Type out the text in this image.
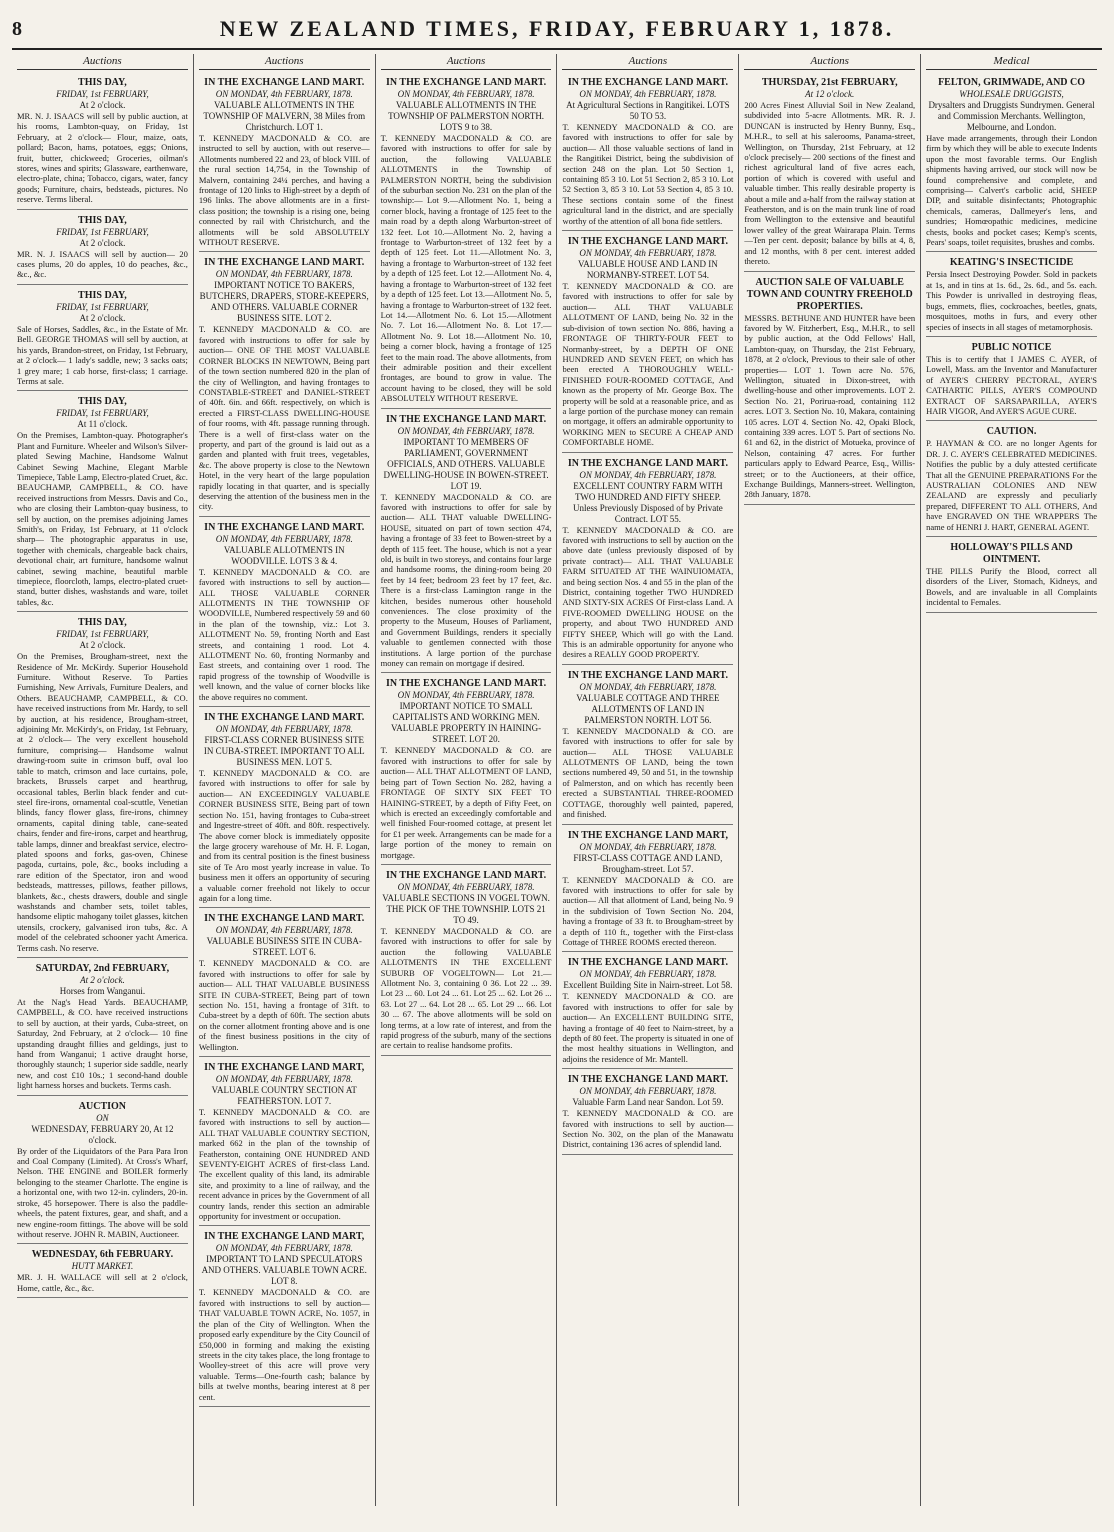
8	NEW ZEALAND TIMES, FRIDAY, FEBRUARY 1, 1878.
Auctions
THIS DAY,
FRIDAY, 1st FEBRUARY,
At 2 o'clock.
MR. N. J. ISAACS will sell by public auction, at his rooms, Lambton-quay, on Friday, 1st February, at 2 o'clock— Flour, maize, oats, pollard; Bacon, hams, potatoes, eggs; Onions, fruit, butter, chickweed; Groceries, oilman's stores, wines and spirits; Glassware, earthenware, electro-plate, china; Tobacco, cigars, water, fancy goods; Furniture, chairs, bedsteads, pictures. No reserve. Terms liberal.
THIS DAY,
FRIDAY, 1st FEBRUARY,
At 2 o'clock.
MR. N. J. ISAACS will sell by auction— 20 cases plums, 20 do apples, 10 do peaches, &c., &c., &c.
THIS DAY,
FRIDAY, 1st FEBRUARY,
At 2 o'clock.
Sale of Horses, Saddles, &c., in the Estate of Mr. Bell. GEORGE THOMAS will sell by auction, at his yards, Brandon-street, on Friday, 1st February, at 2 o'clock— 1 lady's saddle, new; 3 sacks oats; 1 grey mare; 1 cab horse, first-class; 1 carriage. Terms at sale.
THIS DAY,
FRIDAY, 1st FEBRUARY,
At 11 o'clock.
On the Premises, Lambton-quay. Photographer's Plant and Furniture. Wheeler and Wilson's Silver-plated Sewing Machine, Handsome Walnut Cabinet Sewing Machine, Elegant Marble Timepiece, Table Lamp, Electro-plated Cruet, &c. BEAUCHAMP, CAMPBELL, & CO. have received instructions from Messrs. Davis and Co., who are closing their Lambton-quay business, to sell by auction, on the premises adjoining James Smith's, on Friday, 1st February, at 11 o'clock sharp— The photographic apparatus in use, together with chemicals, chargeable back chairs, devotional chair, art furniture, handsome walnut cabinet, sewing machine, beautiful marble timepiece, floorcloth, lamps, electro-plated cruet-stand, butter dishes, washstands and ware, toilet tables, &c.
THIS DAY,
FRIDAY, 1st FEBRUARY,
At 2 o'clock.
On the Premises, Brougham-street, next the Residence of Mr. McKirdy. Superior Household Furniture. Without Reserve. To Parties Furnishing, New Arrivals, Furniture Dealers, and Others. BEAUCHAMP, CAMPBELL, & CO. have received instructions from Mr. Hardy, to sell by auction, at his residence, Brougham-street, adjoining Mr. McKirdy's, on Friday, 1st February, at 2 o'clock— The very excellent household furniture, comprising— Handsome walnut drawing-room suite in crimson buff, oval loo table to match, crimson and lace curtains, pole, brackets, Brussels carpet and hearthrug, occasional tables, Berlin black fender and cut-steel fire-irons, ornamental coal-scuttle, Venetian blinds, fancy flower glass, fire-irons, chimney ornaments, capital dining table, cane-seated chairs, fender and fire-irons, carpet and hearthrug, table lamps, dinner and breakfast service, electro-plated spoons and forks, gas-oven, Chinese pagoda, curtains, pole, &c., books including a rare edition of the Spectator, iron and wood bedsteads, mattresses, pillows, feather pillows, blankets, &c., chests drawers, double and single washstands and chamber sets, toilet tables, handsome eliptic mahogany toilet glasses, kitchen utensils, crockery, galvanised iron tubs, &c. A model of the celebrated schooner yacht America. Terms cash. No reserve.
SATURDAY, 2nd FEBRUARY,
At 2 o'clock.
Horses from Wanganui.
At the Nag's Head Yards. BEAUCHAMP, CAMPBELL, & CO. have received instructions to sell by auction, at their yards, Cuba-street, on Saturday, 2nd February, at 2 o'clock— 10 fine upstanding draught fillies and geldings, just to hand from Wanganui; 1 active draught horse, thoroughly staunch; 1 superior side saddle, nearly new, and cost £10 10s.; 1 second-hand double light harness horses and buckets. Terms cash.
AUCTION
ON
WEDNESDAY, FEBRUARY 20, At 12 o'clock.
By order of the Liquidators of the Para Para Iron and Coal Company (Limited). At Cross's Wharf, Nelson. THE ENGINE and BOILER formerly belonging to the steamer Charlotte. The engine is a horizontal one, with two 12-in. cylinders, 20-in. stroke, 45 horsepower. There is also the paddle-wheels, the patent fixtures, gear, and shaft, and a new engine-room fittings. The above will be sold without reserve. JOHN R. MABIN, Auctioneer.
WEDNESDAY, 6th FEBRUARY.
HUTT MARKET.
MR. J. H. WALLACE will sell at 2 o'clock, Home, cattle, &c., &c.
Auctions
IN THE EXCHANGE LAND MART.
ON MONDAY, 4th FEBRUARY, 1878.
VALUABLE ALLOTMENTS IN THE TOWNSHIP OF MALVERN, 38 Miles from Christchurch. LOT 1.
T. KENNEDY MACDONALD & CO. are instructed to sell by auction, with out reserve— Allotments numbered 22 and 23, of block VIII. of the rural section 14,754, in the Township of Malvern, containing 24¼ perches, and having a frontage of 120 links to High-street by a depth of 196 links. The above allotments are in a first-class position; the township is a rising one, being connected by rail with Christchurch, and the allotments will be sold ABSOLUTELY WITHOUT RESERVE.
IN THE EXCHANGE LAND MART.
ON MONDAY, 4th FEBRUARY, 1878.
IMPORTANT NOTICE TO BAKERS, BUTCHERS, DRAPERS, STORE-KEEPERS, AND OTHERS. VALUABLE CORNER BUSINESS SITE. LOT 2.
T. KENNEDY MACDONALD & CO. are favored with instructions to offer for sale by auction— ONE OF THE MOST VALUABLE CORNER BLOCKS IN NEWTOWN, Being part of the town section numbered 820 in the plan of the city of Wellington, and having frontages to CONSTABLE-STREET and DANIEL-STREET of 40ft. 6in. and 66ft. respectively, on which is erected a FIRST-CLASS DWELLING-HOUSE of four rooms, with 4ft. passage running through. There is a well of first-class water on the property, and part of the ground is laid out as a garden and planted with fruit trees, vegetables, &c. The above property is close to the Newtown Hotel, in the very heart of the large population rapidly locating in that quarter, and is specially deserving the attention of the business men in the city.
IN THE EXCHANGE LAND MART.
ON MONDAY, 4th FEBRUARY, 1878.
VALUABLE ALLOTMENTS IN WOODVILLE. LOTS 3 & 4.
T. KENNEDY MACDONALD & CO. are favored with instructions to sell by auction— ALL THOSE VALUABLE CORNER ALLOTMENTS IN THE TOWNSHIP OF WOODVILLE, Numbered respectively 59 and 60 in the plan of the township, viz.: Lot 3. ALLOTMENT No. 59, fronting North and East streets, and containing 1 rood. Lot 4. ALLOTMENT No. 60, fronting Normanby and East streets, and containing over 1 rood. The rapid progress of the township of Woodville is well known, and the value of corner blocks like the above requires no comment.
IN THE EXCHANGE LAND MART.
ON MONDAY, 4th FEBRUARY, 1878.
FIRST-CLASS CORNER BUSINESS SITE IN CUBA-STREET. IMPORTANT TO ALL BUSINESS MEN. LOT 5.
T. KENNEDY MACDONALD & CO. are favored with instructions to offer for sale by auction— AN EXCEEDINGLY VALUABLE CORNER BUSINESS SITE, Being part of town section No. 151, having frontages to Cuba-street and Ingestre-street of 40ft. and 80ft. respectively. The above corner block is immediately opposite the large grocery warehouse of Mr. H. F. Logan, and from its central position is the finest business site of Te Aro most yearly increase in value. To business men it offers an opportunity of securing a valuable corner freehold not likely to occur again for a long time.
IN THE EXCHANGE LAND MART.
ON MONDAY, 4th FEBRUARY, 1878.
VALUABLE BUSINESS SITE IN CUBA-STREET. LOT 6.
T. KENNEDY MACDONALD & CO. are favored with instructions to offer for sale by auction— ALL THAT VALUABLE BUSINESS SITE IN CUBA-STREET, Being part of town section No. 151, having a frontage of 31ft. to Cuba-street by a depth of 60ft. The section abuts on the corner allotment fronting above and is one of the finest business positions in the city of Wellington.
IN THE EXCHANGE LAND MART,
ON MONDAY, 4th FEBRUARY, 1878.
VALUABLE COUNTRY SECTION AT FEATHERSTON. LOT 7.
T. KENNEDY MACDONALD & CO. are favored with instructions to sell by auction— ALL THAT VALUABLE COUNTRY SECTION, marked 662 in the plan of the township of Featherston, containing ONE HUNDRED AND SEVENTY-EIGHT ACRES of first-class Land. The excellent quality of this land, its admirable site, and proximity to a line of railway, and the recent advance in prices by the Government of all country lands, render this section an admirable opportunity for investment or occupation.
IN THE EXCHANGE LAND MART,
ON MONDAY, 4th FEBRUARY, 1878.
IMPORTANT TO LAND SPECULATORS AND OTHERS. VALUABLE TOWN ACRE. LOT 8.
T. KENNEDY MACDONALD & CO. are favored with instructions to sell by auction— THAT VALUABLE TOWN ACRE, No. 1057, in the plan of the City of Wellington. When the proposed early expenditure by the City Council of £50,000 in forming and making the existing streets in the city takes place, the long frontage to Woolley-street of this acre will prove very valuable. Terms—One-fourth cash; balance by bills at twelve months, bearing interest at 8 per cent.
Auctions
IN THE EXCHANGE LAND MART.
ON MONDAY, 4th FEBRUARY, 1878.
VALUABLE ALLOTMENTS IN THE TOWNSHIP OF PALMERSTON NORTH. LOTS 9 to 38.
T. KENNEDY MACDONALD & CO. are favored with instructions to offer for sale by auction, the following VALUABLE ALLOTMENTS in the Township of PALMERSTON NORTH, being the subdivision of the suburban section No. 231 on the plan of the township:— Lot 9.—Allotment No. 1, being a corner block, having a frontage of 125 feet to the main road by a depth along Warburton-street of 132 feet. Lot 10.—Allotment No. 2, having a frontage to Warburton-street of 132 feet by a depth of 125 feet. Lot 11.—Allotment No. 3, having a frontage to Warburton-street of 132 feet by a depth of 125 feet. Lot 12.—Allotment No. 4, having a frontage to Warburton-street of 132 feet by a depth of 125 feet. Lot 13.—Allotment No. 5, having a frontage to Warburton-street of 132 feet. Lot 14.—Allotment No. 6. Lot 15.—Allotment No. 7. Lot 16.—Allotment No. 8. Lot 17.—Allotment No. 9. Lot 18.—Allotment No. 10, being a corner block, having a frontage of 125 feet to the main road. The above allotments, from their admirable position and their excellent frontages, are bound to grow in value. The account having to be closed, they will be sold ABSOLUTELY WITHOUT RESERVE.
IN THE EXCHANGE LAND MART.
ON MONDAY, 4th FEBRUARY, 1878.
IMPORTANT TO MEMBERS OF PARLIAMENT, GOVERNMENT OFFICIALS, AND OTHERS. VALUABLE DWELLING-HOUSE IN BOWEN-STREET. LOT 19.
T. KENNEDY MACDONALD & CO. are favored with instructions to offer for sale by auction— ALL THAT valuable DWELLING-HOUSE, situated on part of town section 474, having a frontage of 33 feet to Bowen-street by a depth of 115 feet. The house, which is not a year old, is built in two storeys, and contains four large and handsome rooms, the dining-room being 20 feet by 14 feet; bedroom 23 feet by 17 feet, &c. There is a first-class Lamington range in the kitchen, besides numerous other household conveniences. The close proximity of the property to the Museum, Houses of Parliament, and Government Buildings, renders it specially valuable to gentlemen connected with those institutions. A large portion of the purchase money can remain on mortgage if desired.
IN THE EXCHANGE LAND MART.
ON MONDAY, 4th FEBRUARY, 1878.
IMPORTANT NOTICE TO SMALL CAPITALISTS AND WORKING MEN. VALUABLE PROPERTY IN HAINING-STREET. LOT 20.
T. KENNEDY MACDONALD & CO. are favored with instructions to offer for sale by auction— ALL THAT ALLOTMENT OF LAND, being part of Town Section No. 282, having a FRONTAGE OF SIXTY SIX FEET TO HAINING-STREET, by a depth of Fifty Feet, on which is erected an exceedingly comfortable and well finished Four-roomed cottage, at present let for £1 per week. Arrangements can be made for a large portion of the money to remain on mortgage.
IN THE EXCHANGE LAND MART.
ON MONDAY, 4th FEBRUARY, 1878.
VALUABLE SECTIONS IN VOGEL TOWN. THE PICK OF THE TOWNSHIP. LOTS 21 TO 49.
T. KENNEDY MACDONALD & CO. are favored with instructions to offer for sale by auction the following VALUABLE ALLOTMENTS IN THE EXCELLENT SUBURB OF VOGELTOWN— Lot 21.—Allotment No. 3, containing 0 36. Lot 22 ... 39. Lot 23 ... 60. Lot 24 ... 61. Lot 25 ... 62. Lot 26 ... 63. Lot 27 ... 64. Lot 28 ... 65. Lot 29 ... 66. Lot 30 ... 67. The above allotments will be sold on long terms, at a low rate of interest, and from the rapid progress of the suburb, many of the sections are certain to realise handsome profits.
Auctions
IN THE EXCHANGE LAND MART.
ON MONDAY, 4th FEBRUARY, 1878.
At Agricultural Sections in Rangitikei. LOTS 50 TO 53.
T. KENNEDY MACDONALD & CO. are favored with instructions to offer for sale by auction— All those valuable sections of land in the Rangitikei District, being the subdivision of section 248 on the plan. Lot 50 Section 1, containing 85 3 10. Lot 51 Section 2, 85 3 10. Lot 52 Section 3, 85 3 10. Lot 53 Section 4, 85 3 10. These sections contain some of the finest agricultural land in the district, and are specially worthy of the attention of all bona fide settlers.
IN THE EXCHANGE LAND MART.
ON MONDAY, 4th FEBRUARY, 1878.
VALUABLE HOUSE AND LAND IN NORMANBY-STREET. LOT 54.
T. KENNEDY MACDONALD & CO. are favored with instructions to offer for sale by auction— ALL THAT VALUABLE ALLOTMENT OF LAND, being No. 32 in the sub-division of town section No. 886, having a FRONTAGE OF THIRTY-FOUR FEET to Normanby-street, by a DEPTH OF ONE HUNDRED AND SEVEN FEET, on which has been erected A THOROUGHLY WELL-FINISHED FOUR-ROOMED COTTAGE, And known as the property of Mr. George Box. The property will be sold at a reasonable price, and as a large portion of the purchase money can remain on mortgage, it offers an admirable opportunity to WORKING MEN to SECURE A CHEAP AND COMFORTABLE HOME.
IN THE EXCHANGE LAND MART.
ON MONDAY, 4th FEBRUARY, 1878.
EXCELLENT COUNTRY FARM WITH TWO HUNDRED AND FIFTY SHEEP. Unless Previously Disposed of by Private Contract. LOT 55.
T. KENNEDY MACDONALD & CO. are favored with instructions to sell by auction on the above date (unless previously disposed of by private contract)— ALL THAT VALUABLE FARM SITUATED AT THE WAINUIOMATA, and being section Nos. 4 and 55 in the plan of the District, containing together TWO HUNDRED AND SIXTY-SIX ACRES Of First-class Land. A FIVE-ROOMED DWELLING HOUSE on the property, and about TWO HUNDRED AND FIFTY SHEEP, Which will go with the Land. This is an admirable opportunity for anyone who desires a REALLY GOOD PROPERTY.
IN THE EXCHANGE LAND MART.
ON MONDAY, 4th FEBRUARY, 1878.
VALUABLE COTTAGE AND THREE ALLOTMENTS OF LAND IN PALMERSTON NORTH. LOT 56.
T. KENNEDY MACDONALD & CO. are favored with instructions to offer for sale by auction— ALL THOSE VALUABLE ALLOTMENTS OF LAND, being the town sections numbered 49, 50 and 51, in the township of Palmerston, and on which has recently been erected a SUBSTANTIAL THREE-ROOMED COTTAGE, thoroughly well painted, papered, and finished.
IN THE EXCHANGE LAND MART,
ON MONDAY, 4th FEBRUARY, 1878.
FIRST-CLASS COTTAGE AND LAND, Brougham-street. Lot 57.
T. KENNEDY MACDONALD & CO. are favored with instructions to offer for sale by auction— All that allotment of Land, being No. 9 in the subdivision of Town Section No. 204, having a frontage of 33 ft. to Brougham-street by a depth of 110 ft., together with the First-class Cottage of THREE ROOMS erected thereon.
IN THE EXCHANGE LAND MART.
ON MONDAY, 4th FEBRUARY, 1878.
Excellent Building Site in Nairn-street. Lot 58.
T. KENNEDY MACDONALD & CO. are favored with instructions to offer for sale by auction— An EXCELLENT BUILDING SITE, having a frontage of 40 feet to Nairn-street, by a depth of 80 feet. The property is situated in one of the most healthy situations in Wellington, and adjoins the residence of Mr. Mantell.
IN THE EXCHANGE LAND MART.
ON MONDAY, 4th FEBRUARY, 1878.
Valuable Farm Land near Sandon. Lot 59.
T. KENNEDY MACDONALD & CO. are favored with instructions to sell by auction— Section No. 302, on the plan of the Manawatu District, containing 136 acres of splendid land.
Auctions
THURSDAY, 21st FEBRUARY,
At 12 o'clock.
200 Acres Finest Alluvial Soil in New Zealand, subdivided into 5-acre Allotments. MR. R. J. DUNCAN is instructed by Henry Bunny, Esq., M.H.R., to sell at his salerooms, Panama-street, Wellington, on Thursday, 21st February, at 12 o'clock precisely— 200 sections of the finest and richest agricultural land of five acres each, portion of which is covered with useful and valuable timber. This really desirable property is about a mile and a-half from the railway station at Featherston, and is on the main trunk line of road from Wellington to the extensive and beautiful lower valley of the great Wairarapa Plain. Terms—Ten per cent. deposit; balance by bills at 4, 8, and 12 months, with 8 per cent. interest added thereto.
AUCTION SALE OF VALUABLE TOWN AND COUNTRY FREEHOLD PROPERTIES.
MESSRS. BETHUNE AND HUNTER have been favored by W. Fitzherbert, Esq., M.H.R., to sell by public auction, at the Odd Fellows' Hall, Lambton-quay, on Thursday, the 21st February, 1878, at 2 o'clock, Previous to their sale of other properties— LOT 1. Town acre No. 576, Wellington, situated in Dixon-street, with dwelling-house and other improvements. LOT 2. Section No. 21, Porirua-road, containing 112 acres. LOT 3. Section No. 10, Makara, containing 105 acres. LOT 4. Section No. 42, Opaki Block, containing 339 acres. LOT 5. Part of sections No. 61 and 62, in the district of Motueka, province of Nelson, containing 47 acres. For further particulars apply to Edward Pearce, Esq., Willis-street; or to the Auctioneers, at their office, Exchange Buildings, Manners-street. Wellington, 28th January, 1878.
Medical
FELTON, GRIMWADE, AND CO
WHOLESALE DRUGGISTS,
Drysalters and Druggists Sundrymen. General and Commission Merchants. Wellington, Melbourne, and London.
Have made arrangements, through their London firm by which they will be able to execute Indents upon the most favorable terms. Our English shipments having arrived, our stock will now be found comprehensive and complete, and comprising— Calvert's carbolic acid, SHEEP DIP, and suitable disinfectants; Photographic chemicals, cameras, Dallmeyer's lens, and sundries; Homœopathic medicines, medicine chests, books and pocket cases; Kemp's scents, Pears' soaps, toilet requisites, brushes and combs.
KEATING'S INSECTICIDE
Persia Insect Destroying Powder. Sold in packets at 1s, and in tins at 1s. 6d., 2s. 6d., and 5s. each. This Powder is unrivalled in destroying fleas, bugs, emmets, flies, cockroaches, beetles, gnats, mosquitoes, moths in furs, and every other species of insects in all stages of metamorphosis.
PUBLIC NOTICE
This is to certify that I JAMES C. AYER, of Lowell, Mass. am the Inventor and Manufacturer of AYER'S CHERRY PECTORAL, AYER'S CATHARTIC PILLS, AYER'S COMPOUND EXTRACT OF SARSAPARILLA, AYER'S HAIR VIGOR, And AYER'S AGUE CURE.
CAUTION.
P. HAYMAN & CO. are no longer Agents for DR. J. C. AYER'S CELEBRATED MEDICINES. Notifies the public by a duly attested certificate That all the GENUINE PREPARATIONS For the AUSTRALIAN COLONIES AND NEW ZEALAND are expressly and peculiarly prepared, DIFFERENT TO ALL OTHERS, And have ENGRAVED ON THE WRAPPERS The name of HENRI J. HART, GENERAL AGENT.
HOLLOWAY'S PILLS AND OINTMENT.
THE PILLS Purify the Blood, correct all disorders of the Liver, Stomach, Kidneys, and Bowels, and are invaluable in all Complaints incidental to Females.
